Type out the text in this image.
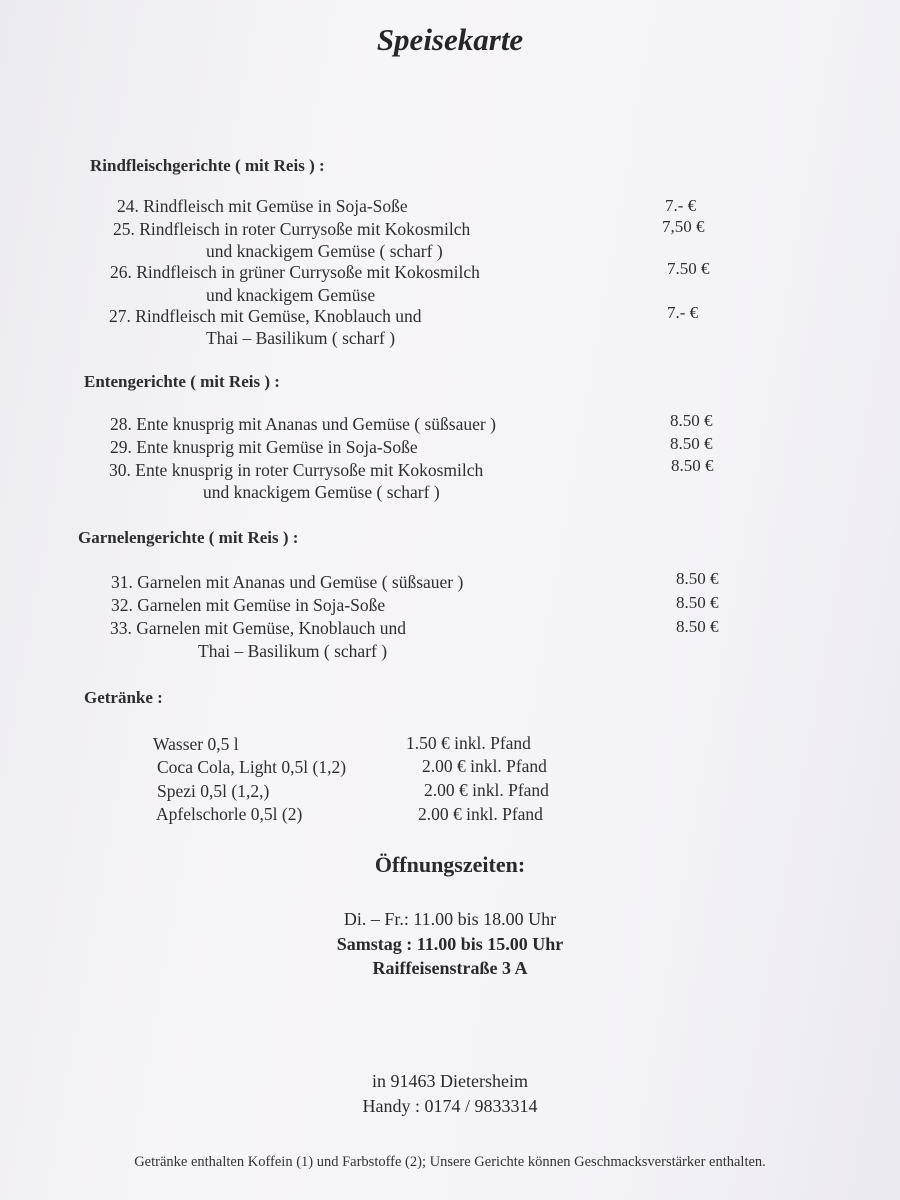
Speisekarte
Rindfleischgerichte ( mit Reis ) :
24. Rindfleisch mit Gemüse in Soja-Soße	7.- €
25. Rindfleisch in roter Currysoße mit Kokosmilch
und knackigem Gemüse ( scharf )
7,50 €
26. Rindfleisch in grüner Currysoße mit Kokosmilch
und knackigem Gemüse
7.50 €
27. Rindfleisch mit Gemüse, Knoblauch und
Thai – Basilikum ( scharf )
7.- €
Entengerichte ( mit Reis ) :
28. Ente knusprig mit Ananas und Gemüse ( süßsauer )	8.50 €
29. Ente knusprig mit Gemüse in Soja-Soße	8.50 €
30. Ente knusprig in roter Currysoße mit Kokosmilch
und knackigem Gemüse ( scharf )
8.50 €
Garnelengerichte ( mit Reis ) :
31. Garnelen mit Ananas und Gemüse ( süßsauer )	8.50 €
32. Garnelen mit Gemüse in Soja-Soße	8.50 €
33. Garnelen mit Gemüse, Knoblauch und
Thai – Basilikum ( scharf )
8.50 €
Getränke :
Wasser 0,5 l	1.50 € inkl. Pfand
Coca Cola, Light 0,5l (1,2)	2.00 € inkl. Pfand
Spezi 0,5l (1,2,)	2.00 € inkl. Pfand
Apfelschorle 0,5l (2)	2.00 € inkl. Pfand
Öffnungszeiten:
Di. – Fr.: 11.00 bis 18.00 Uhr
Samstag : 11.00 bis 15.00 Uhr
Raiffeisenstraße 3 A
in 91463 Dietersheim
Handy : 0174 / 9833314
Getränke enthalten Koffein (1) und Farbstoffe (2); Unsere Gerichte können Geschmacksverstärker enthalten.
